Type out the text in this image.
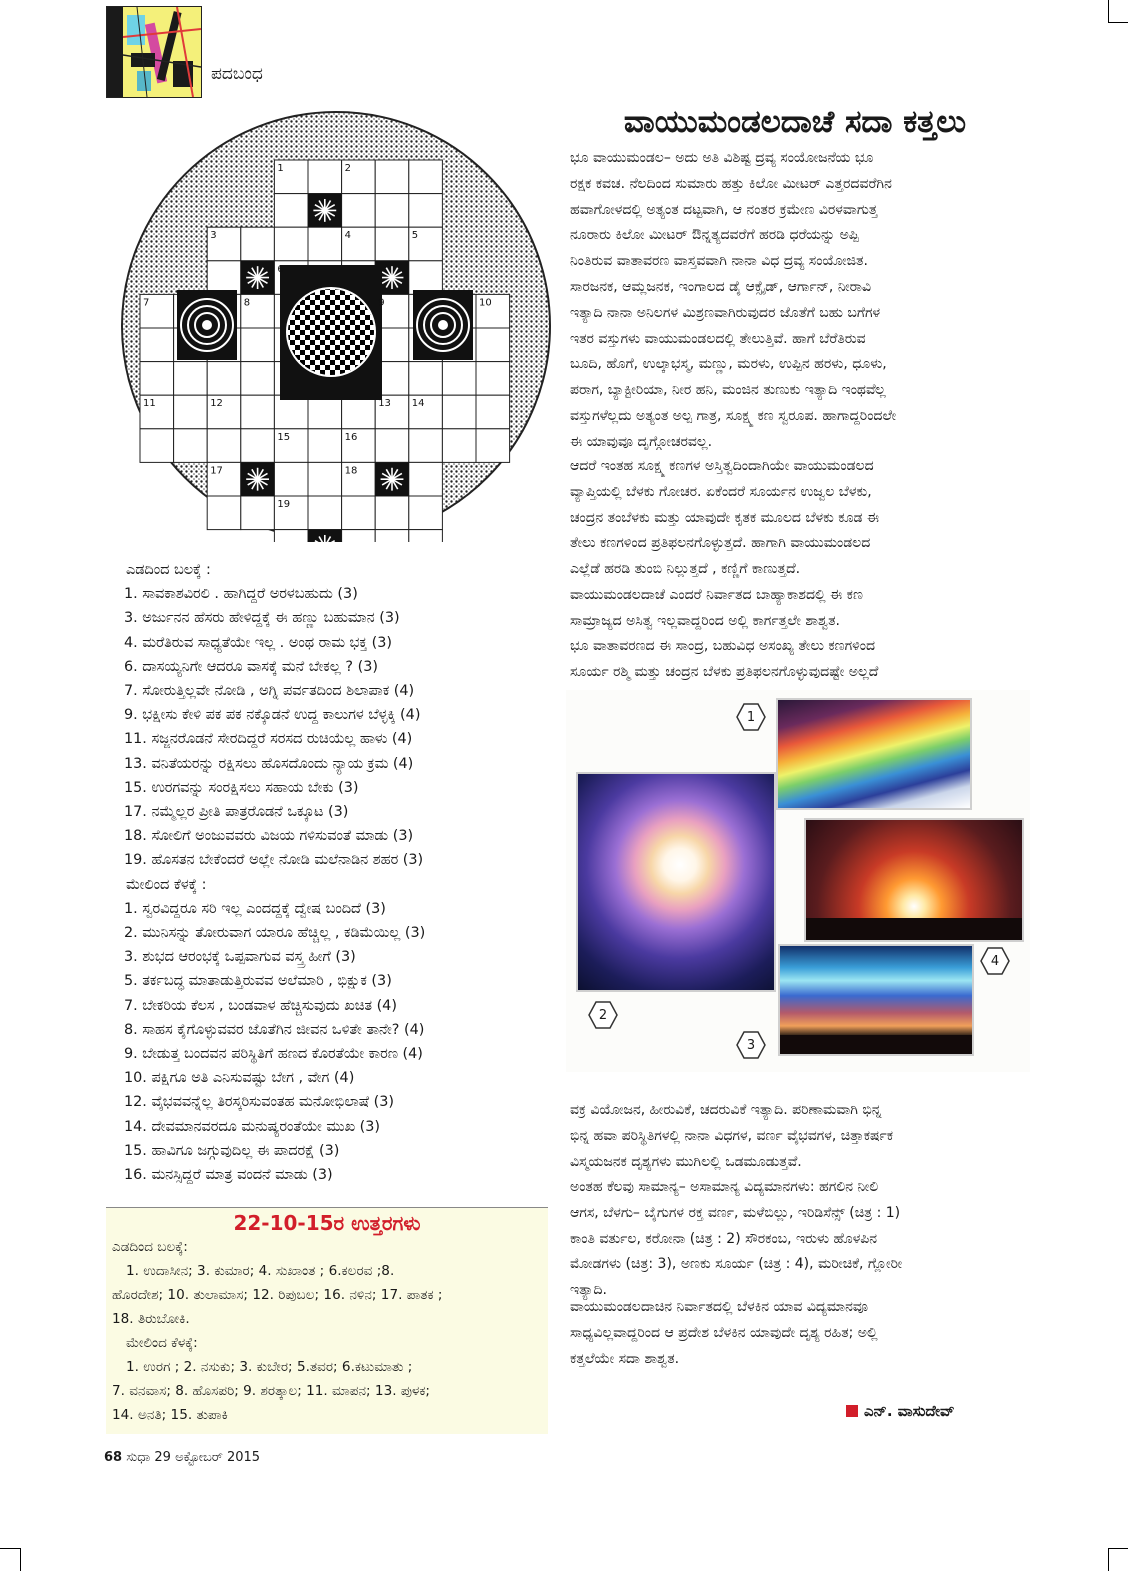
ಪದಬಂಧ
1	2
3	4	5
6
7	8	9	10
11	12	13 14
15	16
17	18
19
ಎಡದಿಂದ ಬಲಕ್ಕೆ :
1. ಸಾವಕಾಶವಿರಲಿ . ಹಾಗಿದ್ದರೆ ಅರಳಬಹುದು (3)
3. ಅರ್ಜುನನ ಹೆಸರು ಹೇಳಿದ್ದಕ್ಕೆ ಈ ಹಣ್ಣು ಬಹುಮಾನ (3)
4. ಮರೆತಿರುವ ಸಾಧ್ಯತೆಯೇ ಇಲ್ಲ . ಅಂಥ ರಾಮ ಭಕ್ತ (3)
6. ದಾಸಯ್ಯನಿಗೇ ಆದರೂ ವಾಸಕ್ಕೆ ಮನೆ ಬೇಕಲ್ಲ ? (3)
7. ಸೋರುತ್ತಿಲ್ಲವೇ ನೋಡಿ , ಅಗ್ನಿ ಪರ್ವತದಿಂದ ಶಿಲಾಪಾಕ (4)
9. ಭಕ್ಷೀಸು ಕೇಳಿ ಪಕ ಪಕ ನಕ್ಕೊಡನೆ ಉದ್ದ ಕಾಲುಗಳ ಬೆಳ್ಳಕ್ಕಿ (4)
11. ಸಜ್ಜನರೊಡನೆ ಸೇರದಿದ್ದರೆ ಸರಸದ ರುಚಿಯೆಲ್ಲ ಹಾಳು (4)
13. ವನಿತೆಯರನ್ನು ರಕ್ಷಿಸಲು ಹೊಸದೊಂದು ನ್ಯಾಯ ಕ್ರಮ (4)
15. ಉರಗವನ್ನು ಸಂರಕ್ಷಿಸಲು ಸಹಾಯ ಬೇಕು (3)
17. ನಮ್ಮೆಲ್ಲರ ಪ್ರೀತಿ ಪಾತ್ರರೊಡನೆ ಒಕ್ಕೂಟ (3)
18. ಸೋಲಿಗೆ ಅಂಜುವವರು ವಿಜಯ ಗಳಿಸುವಂತೆ ಮಾಡು (3)
19. ಹೊಸತನ ಬೇಕೆಂದರೆ ಅಲ್ಲೇ ನೋಡಿ ಮಲೆನಾಡಿನ ಶಹರ (3)
ಮೇಲಿಂದ ಕೆಳಕ್ಕೆ :
1. ಸ್ವರವಿದ್ದರೂ ಸರಿ ಇಲ್ಲ ಎಂದದ್ದಕ್ಕೆ ದ್ವೇಷ ಬಂದಿದೆ (3)
2. ಮುನಿಸನ್ನು ತೋರುವಾಗ ಯಾರೂ ಹೆಚ್ಚಿಲ್ಲ , ಕಡಿಮೆಯಿಲ್ಲ (3)
3. ಶುಭದ ಆರಂಭಕ್ಕೆ ಒಪ್ಪವಾಗುವ ವಸ್ತ್ರ ಹೀಗೆ (3)
5. ತರ್ಕಬದ್ಧ ಮಾತಾಡುತ್ತಿರುವವ ಅಲೆಮಾರಿ , ಭಿಕ್ಷುಕ (3)
7. ಬೇಕರಿಯ ಕೆಲಸ , ಬಂಡವಾಳ ಹೆಚ್ಚಿಸುವುದು ಖಚಿತ (4)
8. ಸಾಹಸ ಕೈಗೊಳ್ಳುವವರ ಜೊತೆಗಿನ ಜೀವನ ಒಳಿತೇ ತಾನೇ? (4)
9. ಬೇಡುತ್ತ ಬಂದವನ ಪರಿಸ್ಥಿತಿಗೆ ಹಣದ ಕೊರತೆಯೇ ಕಾರಣ (4)
10. ಪಕ್ಷಿಗೂ ಅತಿ ಎನಿಸುವಷ್ಟು ಬೇಗ , ವೇಗ (4)
12. ವೈಭವವನ್ನೆಲ್ಲ ತಿರಸ್ಕರಿಸುವಂತಹ ಮನೋಭಿಲಾಷೆ (3)
14. ದೇವಮಾನವರದೂ ಮನುಷ್ಯರಂತೆಯೇ ಮುಖ (3)
15. ಹಾವಿಗೂ ಜಗ್ಗುವುದಿಲ್ಲ ಈ ಪಾದರಕ್ಷೆ (3)
16. ಮನಸ್ಸಿದ್ದರೆ ಮಾತ್ರ ವಂದನೆ ಮಾಡು (3)
22-10-15ರ ಉತ್ತರಗಳು
ಎಡದಿಂದ ಬಲಕ್ಕೆ:
1. ಉದಾಸೀನ; 3. ಕುಮಾರ; 4. ಸುಖಾಂತ ; 6.ಕಲರವ ;8.
ಹೊರದೇಶ; 10. ತುಲಾಮಾಸ; 12. ರಿಪುಬಲ; 16. ನಳಿನ; 17. ಪಾತಕ ;
18. ತಿರುಬೋಕಿ.
ಮೇಲಿಂದ ಕೆಳಕ್ಕೆ:
1. ಉರಗ ; 2. ನಸುಕು; 3. ಕುಬೇರ; 5.ತವರ; 6.ಕಟುಮಾತು ;
7. ವನವಾಸ; 8. ಹೊಸಪರಿ; 9. ಶರತ್ಕಾಲ; 11. ಮಾಪನ; 13. ಪುಳಕ;
14. ಅನತಿ; 15. ತುಪಾಕಿ
68 ಸುಧಾ 29 ಅಕ್ಟೋಬರ್ 2015
ವಾಯುಮಂಡಲದಾಚೆ ಸದಾ ಕತ್ತಲು
ಭೂ ವಾಯುಮಂಡಲ– ಅದು ಅತಿ ವಿಶಿಷ್ಟ ದ್ರವ್ಯ ಸಂಯೋಜನೆಯ ಭೂ
ರಕ್ಷಕ ಕವಚ. ನೆಲದಿಂದ ಸುಮಾರು ಹತ್ತು ಕಿಲೋ ಮೀಟರ್ ಎತ್ತರದವರೆಗಿನ
ಹವಾಗೋಳದಲ್ಲಿ ಅತ್ಯಂತ ದಟ್ಟವಾಗಿ, ಆ ನಂತರ ಕ್ರಮೇಣ ವಿರಳವಾಗುತ್ತ
ನೂರಾರು ಕಿಲೋ ಮೀಟರ್ ಔನ್ನತ್ಯದವರೆಗೆ ಹರಡಿ ಧರೆಯನ್ನು ಅಪ್ಪಿ
ನಿಂತಿರುವ ವಾತಾವರಣ ವಾಸ್ತವವಾಗಿ ನಾನಾ ವಿಧ ದ್ರವ್ಯ ಸಂಯೋಜಿತ.
ಸಾರಜನಕ, ಆಮ್ಲಜನಕ, ಇಂಗಾಲದ ಡೈ ಆಕ್ಸೈಡ್, ಆರ್ಗಾನ್, ನೀರಾವಿ
ಇತ್ಯಾದಿ ನಾನಾ ಅನಿಲಗಳ ಮಿಶ್ರಣವಾಗಿರುವುದರ ಜೊತೆಗೆ ಬಹು ಬಗೆಗಳ
ಇತರ ವಸ್ತುಗಳು ವಾಯುಮಂಡಲದಲ್ಲಿ ತೇಲುತ್ತಿವೆ. ಹಾಗೆ ಬೆರೆತಿರುವ
ಬೂದಿ, ಹೊಗೆ, ಉಲ್ಕಾಭಸ್ಮ, ಮಣ್ಣು, ಮರಳು, ಉಪ್ಪಿನ ಹರಳು, ಧೂಳು,
ಪರಾಗ, ಬ್ಯಾಕ್ಟೀರಿಯಾ, ನೀರ ಹನಿ, ಮಂಜಿನ ತುಣುಕು ಇತ್ಯಾದಿ ಇಂಥವೆಲ್ಲ
ವಸ್ತುಗಳೆಲ್ಲದು ಅತ್ಯಂತ ಅಲ್ಪ ಗಾತ್ರ, ಸೂಕ್ಷ್ಮ ಕಣ ಸ್ವರೂಪ. ಹಾಗಾದ್ದರಿಂದಲೇ
ಈ ಯಾವುವೂ ದೃಗ್ಗೋಚರವಲ್ಲ.
ಆದರೆ ಇಂತಹ ಸೂಕ್ಷ್ಮ ಕಣಗಳ ಅಸ್ತಿತ್ವದಿಂದಾಗಿಯೇ ವಾಯುಮಂಡಲದ
ವ್ಯಾಪ್ತಿಯಲ್ಲಿ ಬೆಳಕು ಗೋಚರ. ಏಕೆಂದರೆ ಸೂರ್ಯನ ಉಜ್ವಲ ಬೆಳಕು,
ಚಂದ್ರನ ತಂಬೆಳಕು ಮತ್ತು ಯಾವುದೇ ಕೃತಕ ಮೂಲದ ಬೆಳಕು ಕೂಡ ಈ
ತೇಲು ಕಣಗಳಿಂದ ಪ್ರತಿಫಲನಗೊಳ್ಳುತ್ತದೆ. ಹಾಗಾಗಿ ವಾಯುಮಂಡಲದ
ಎಲ್ಲೆಡೆ ಹರಡಿ ತುಂಬಿ ನಿಲ್ಲುತ್ತದೆ , ಕಣ್ಣಿಗೆ ಕಾಣುತ್ತದೆ.
ವಾಯುಮಂಡಲದಾಚೆ ಎಂದರೆ ನಿರ್ವಾತದ ಬಾಹ್ಯಾಕಾಶದಲ್ಲಿ ಈ ಕಣ
ಸಾಮ್ರಾಜ್ಯದ ಅಸಿತ್ವ ಇಲ್ಲವಾದ್ದರಿಂದ ಅಲ್ಲಿ ಕಾರ್ಗತ್ತಲೇ ಶಾಶ್ವತ.
ಭೂ ವಾತಾವರಣದ ಈ ಸಾಂದ್ರ, ಬಹುವಿಧ ಅಸಂಖ್ಯ ತೇಲು ಕಣಗಳಿಂದ
ಸೂರ್ಯ ರಶ್ಮಿ ಮತ್ತು ಚಂದ್ರನ ಬೆಳಕು ಪ್ರತಿಫಲನಗೊಳ್ಳುವುದಷ್ಟೇ ಅಲ್ಲದೆ
1
2
3
4
ವಕ್ರ ವಿಯೋಜನ, ಹೀರುವಿಕೆ, ಚದರುವಿಕೆ ಇತ್ಯಾದಿ. ಪರಿಣಾಮವಾಗಿ ಭಿನ್ನ
ಭಿನ್ನ ಹವಾ ಪರಿಸ್ಥಿತಿಗಳಲ್ಲಿ ನಾನಾ ವಿಧಗಳ, ವರ್ಣ ವೈಭವಗಳ, ಚಿತ್ತಾಕರ್ಷಕ
ವಿಸ್ಮಯಜನಕ ದೃಶ್ಯಗಳು ಮುಗಿಲಲ್ಲಿ ಒಡಮೂಡುತ್ತವೆ.
ಅಂತಹ ಕೆಲವು ಸಾಮಾನ್ಯ– ಅಸಾಮಾನ್ಯ ವಿದ್ಯಮಾನಗಳು: ಹಗಲಿನ ನೀಲಿ
ಆಗಸ, ಬೆಳಗು– ಬೈಗುಗಳ ರಕ್ತ ವರ್ಣ, ಮಳೆಬಿಲ್ಲು, ಇರಿಡಿಸೆನ್ಸ್ (ಚಿತ್ರ : 1)
ಕಾಂತಿ ವರ್ತುಲ, ಕರೋನಾ (ಚಿತ್ರ : 2) ಸೌರಕಂಬ, ಇರುಳು ಹೊಳಪಿನ
ಮೋಡಗಳು (ಚಿತ್ರ: 3), ಅಣಕು ಸೂರ್ಯ (ಚಿತ್ರ : 4), ಮರೀಚಿಕೆ, ಗ್ಲೋರೀ
ಇತ್ಯಾದಿ.
ವಾಯುಮಂಡಲದಾಚಿನ ನಿರ್ವಾತದಲ್ಲಿ ಬೆಳಕಿನ ಯಾವ ವಿದ್ಯಮಾನವೂ
ಸಾಧ್ಯವಿಲ್ಲವಾದ್ದರಿಂದ ಆ ಪ್ರದೇಶ ಬೆಳಕಿನ ಯಾವುದೇ ದೃಶ್ಯ ರಹಿತ; ಅಲ್ಲಿ
ಕತ್ತಲೆಯೇ ಸದಾ ಶಾಶ್ವತ.
ಎನ್. ವಾಸುದೇವ್
